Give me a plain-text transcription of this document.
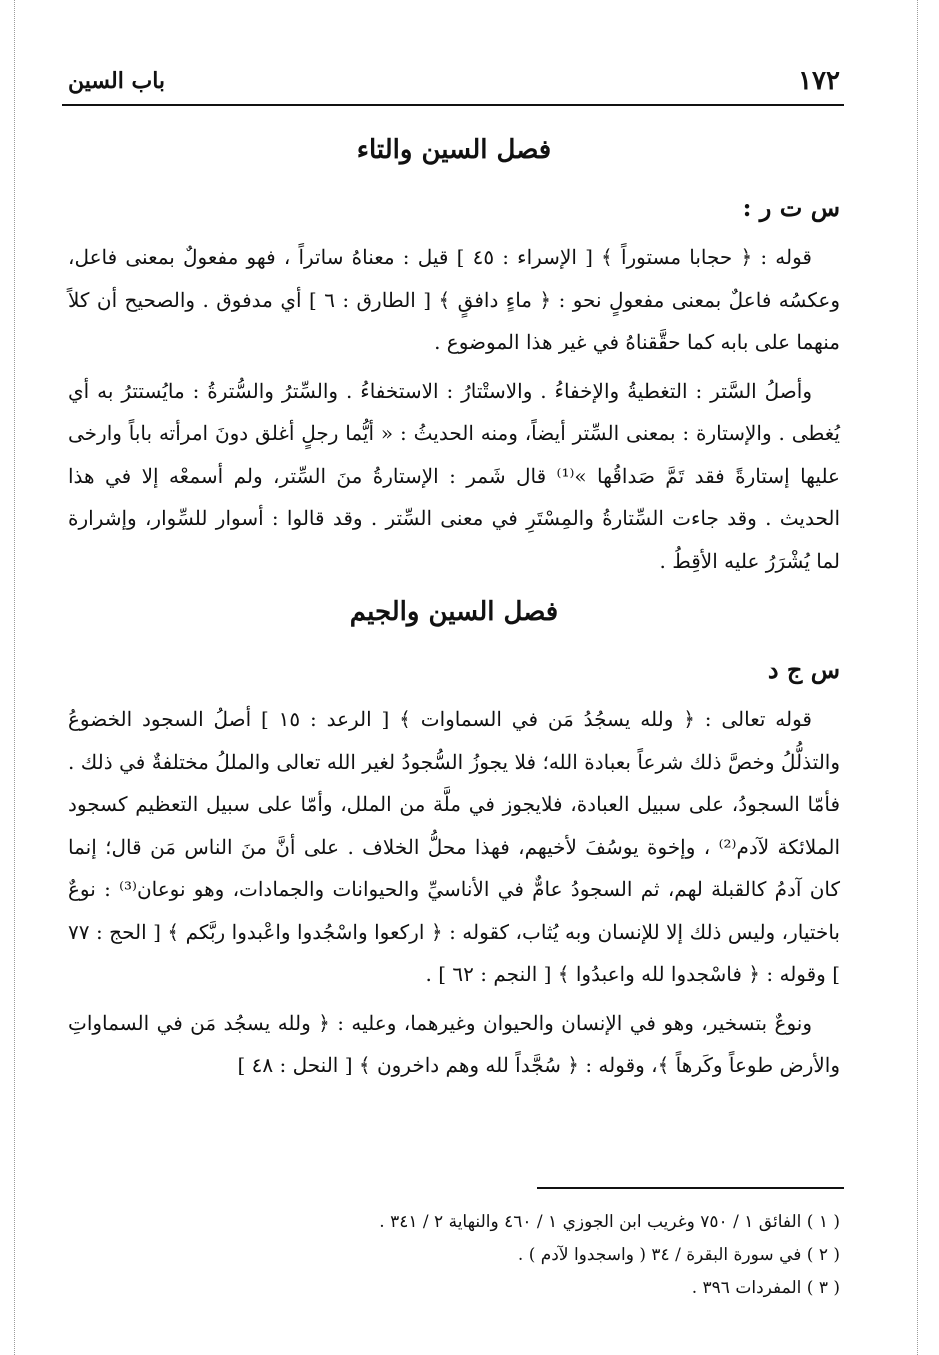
١٧٢
باب السين
فصل السين والتاء
س ت ر :

قوله : ﴿ حجابا مستوراً ﴾ [ الإسراء : ٤٥ ] قيل : معناهُ ساتراً ، فهو مفعولٌ بمعنى فاعل، وعكسُه فاعلٌ بمعنى مفعولٍ نحو : ﴿ ماءٍ دافقٍ ﴾ [ الطارق : ٦ ] أي مدفوق . والصحيح أن كلاً منهما على بابه كما حقَّقناهُ في غير هذا الموضوع .

وأصلُ السَّتر : التغطيةُ والإخفاءُ . والاستْتارُ : الاستخفاءُ . والسِّترُ والسُّترةُ : مايُستترُ به أي يُغطى . والإستارة : بمعنى السِّتر أيضاً، ومنه الحديثُ : « أيُّما رجلٍ أغلق دونَ امرأته باباً وارخى عليها إستارةً فقد تَمَّ صَداقُها »⁽¹⁾ قال شَمر : الإستارةُ منَ السِّتر، ولم أسمعْه إلا في هذا الحديث . وقد جاءت السِّتارةُ والمِسْتَرِ في معنى السِّتر . وقد قالوا : أسوار للسِّوار، وإشرارة لما يُشْرَرُ عليه الأقِطُ .

فصل السين والجيم
س ج د

قوله تعالى : ﴿ ولله يسجُدُ مَن في السماوات ﴾ [ الرعد : ١٥ ] أصلُ السجود الخضوعُ والتذلُّلُ وخصَّ ذلك شرعاً بعبادة الله؛ فلا يجوزُ السُّجودُ لغير الله تعالى والمللُ مختلفةٌ في ذلك . فأمّا السجودُ، على سبيل العبادة، فلايجوز في ملَّة من الملل، وأمّا على سبيل التعظيم كسجود الملائكة لآدم⁽²⁾ ، وإخوة يوسُفَ لأخيهم، فهذا محلُّ الخلاف . على أنَّ منَ الناس مَن قال؛ إنما كان آدمُ كالقبلة لهم، ثم السجودُ عامٌّ في الأناسيِّ والحيوانات والجمادات، وهو نوعان⁽³⁾ : نوعٌ باختيار، وليس ذلك إلا للإنسان وبه يُثاب، كقوله : ﴿ اركعوا واسْجُدوا واعْبدوا ربَّكم ﴾ [ الحج : ٧٧ ] وقوله : ﴿ فاسْجدوا لله واعبدُوا ﴾ [ النجم : ٦٢ ] .

ونوعٌ بتسخير، وهو في الإنسان والحيوان وغيرهما، وعليه : ﴿ ولله يسجُد مَن في السماواتِ والأرض طوعاً وكَرهاً ﴾، وقوله : ﴿ سُجَّداً لله وهم داخرون ﴾ [ النحل : ٤٨ ]

( ١ ) الفائق ١ / ٧٥٠ وغريب ابن الجوزي ١ / ٤٦٠ والنهاية ٢ / ٣٤١ .
( ٢ ) في سورة البقرة / ٣٤ ( واسجدوا لآدم ) .
( ٣ ) المفردات ٣٩٦ .
